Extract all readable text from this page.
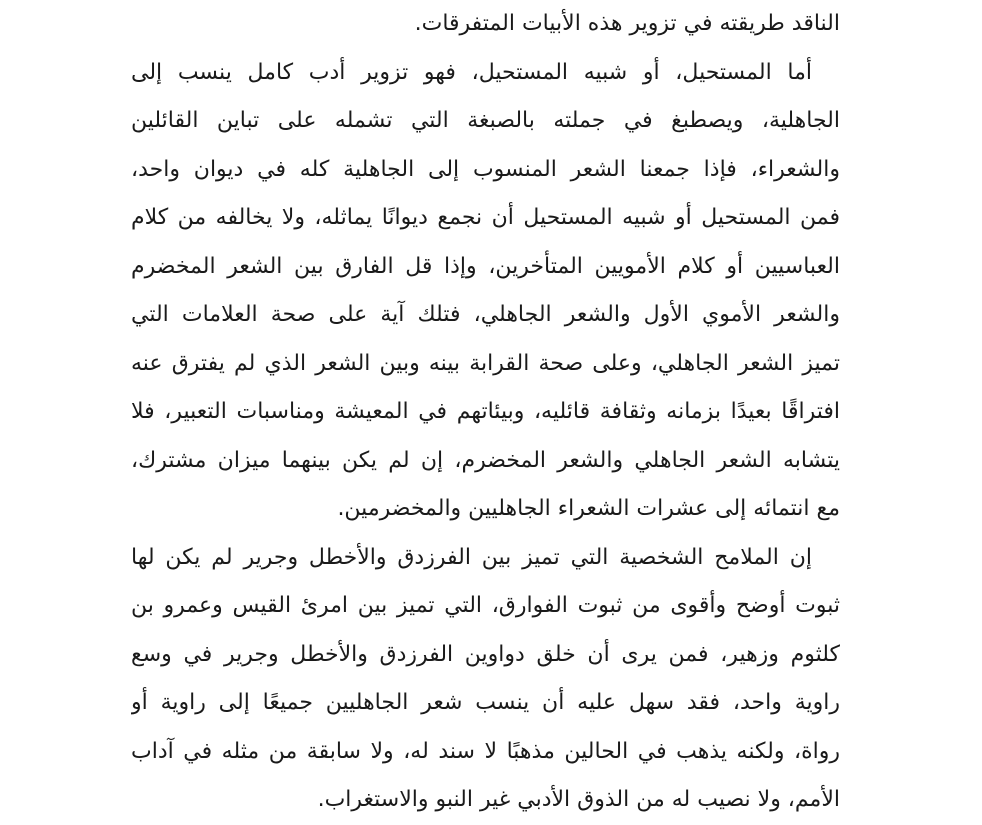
الناقد طريقته في تزوير هذه الأبيات المتفرقات.
أما المستحيل، أو شبيه المستحيل، فهو تزوير أدب كامل ينسب إلى
الجاهلية، ويصطبغ في جملته بالصبغة التي تشمله على تباين القائلين
والشعراء، فإذا جمعنا الشعر المنسوب إلى الجاهلية كله في ديوان واحد،
فمن المستحيل أو شبيه المستحيل أن نجمع ديوانًا يماثله، ولا يخالفه من كلام
العباسيين أو كلام الأمويين المتأخرين، وإذا قل الفارق بين الشعر المخضرم
والشعر الأموي الأول والشعر الجاهلي، فتلك آية على صحة العلامات التي
تميز الشعر الجاهلي، وعلى صحة القرابة بينه وبين الشعر الذي لم يفترق عنه
افتراقًا بعيدًا بزمانه وثقافة قائليه، وبيئاتهم في المعيشة ومناسبات التعبير، فلا
يتشابه الشعر الجاهلي والشعر المخضرم، إن لم يكن بينهما ميزان مشترك،
مع انتمائه إلى عشرات الشعراء الجاهليين والمخضرمين.
إن الملامح الشخصية التي تميز بين الفرزدق والأخطل وجرير لم يكن لها
ثبوت أوضح وأقوى من ثبوت الفوارق، التي تميز بين امرئ القيس وعمرو بن
كلثوم وزهير، فمن يرى أن خلق دواوين الفرزدق والأخطل وجرير في وسع
راوية واحد، فقد سهل عليه أن ينسب شعر الجاهليين جميعًا إلى راوية أو
رواة، ولكنه يذهب في الحالين مذهبًا لا سند له، ولا سابقة من مثله في آداب
الأمم، ولا نصيب له من الذوق الأدبي غير النبو والاستغراب.
